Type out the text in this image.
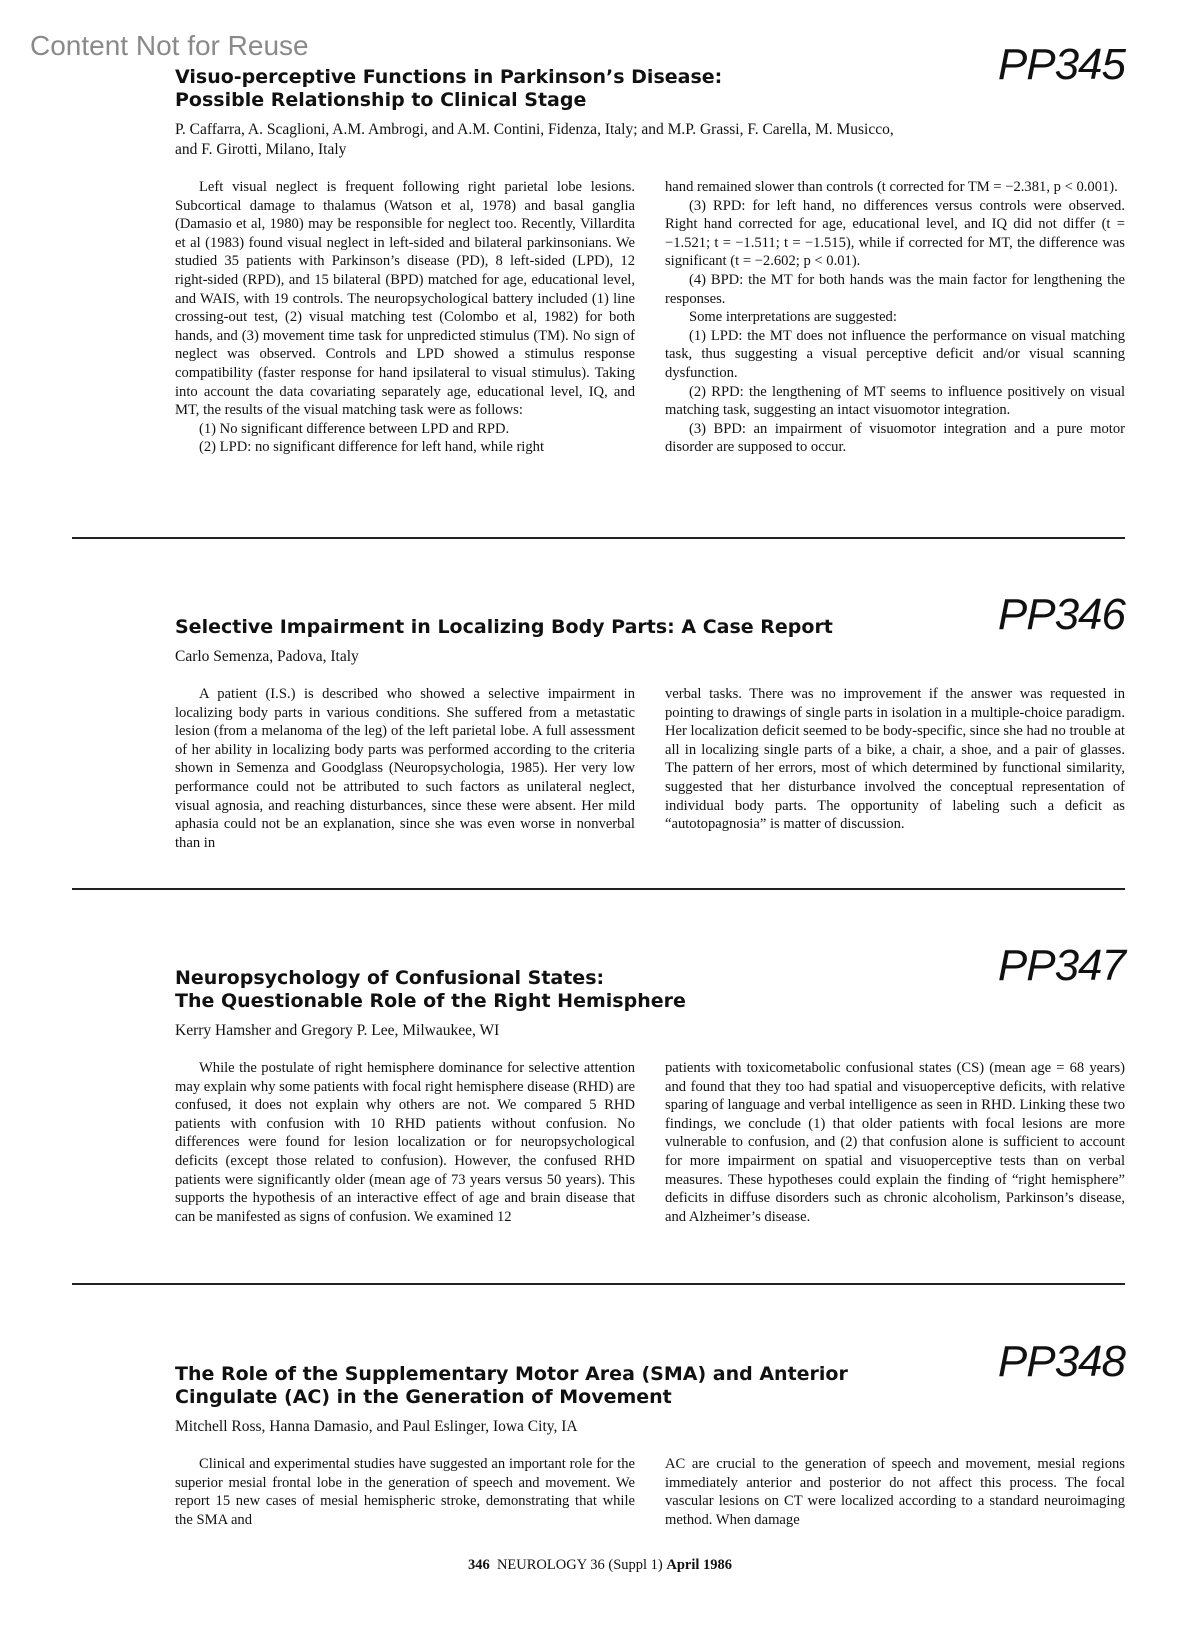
Content Not for Reuse	PP345
Visuo-perceptive Functions in Parkinson’s Disease:
Possible Relationship to Clinical Stage
P. Caffarra, A. Scaglioni, A.M. Ambrogi, and A.M. Contini, Fidenza, Italy; and M.P. Grassi, F. Carella, M. Musicco,
and F. Girotti, Milano, Italy

Left visual neglect is frequent following right parietal lobe lesions. Subcortical damage to thalamus (Watson et al, 1978) and basal ganglia (Damasio et al, 1980) may be responsible for neglect too. Recently, Villardita et al (1983) found visual neglect in left-sided and bilateral parkinsonians. We studied 35 patients with Parkinson’s disease (PD), 8 left-sided (LPD), 12 right-sided (RPD), and 15 bilateral (BPD) matched for age, educational level, and WAIS, with 19 controls. The neuropsychological battery included (1) line crossing-out test, (2) visual matching test (Colombo et al, 1982) for both hands, and (3) movement time task for unpredicted stimulus (TM). No sign of neglect was observed. Controls and LPD showed a stimulus response compatibility (faster response for hand ipsilateral to visual stimulus). Taking into account the data covariating separately age, educational level, IQ, and MT, the results of the visual matching task were as follows:

(1) No significant difference between LPD and RPD.

(2) LPD: no significant difference for left hand, while right

hand remained slower than controls (t corrected for TM = −2.381, p < 0.001).

(3) RPD: for left hand, no differences versus controls were observed. Right hand corrected for age, educational level, and IQ did not differ (t = −1.521; t = −1.511; t = −1.515), while if corrected for MT, the difference was significant (t = −2.602; p < 0.01).

(4) BPD: the MT for both hands was the main factor for lengthening the responses.

Some interpretations are suggested:

(1) LPD: the MT does not influence the performance on visual matching task, thus suggesting a visual perceptive deficit and/or visual scanning dysfunction.

(2) RPD: the lengthening of MT seems to influence positively on visual matching task, suggesting an intact visuomotor integration.

(3) BPD: an impairment of visuomotor integration and a pure motor disorder are supposed to occur.

PP346
Selective Impairment in Localizing Body Parts: A Case Report
Carlo Semenza, Padova, Italy

A patient (I.S.) is described who showed a selective impairment in localizing body parts in various conditions. She suffered from a metastatic lesion (from a melanoma of the leg) of the left parietal lobe. A full assessment of her ability in localizing body parts was performed according to the criteria shown in Semenza and Goodglass (Neuropsychologia, 1985). Her very low performance could not be attributed to such factors as unilateral neglect, visual agnosia, and reaching disturbances, since these were absent. Her mild aphasia could not be an explanation, since she was even worse in nonverbal than in

verbal tasks. There was no improvement if the answer was requested in pointing to drawings of single parts in isolation in a multiple-choice paradigm. Her localization deficit seemed to be body-specific, since she had no trouble at all in localizing single parts of a bike, a chair, a shoe, and a pair of glasses. The pattern of her errors, most of which determined by functional similarity, suggested that her disturbance involved the conceptual representation of individual body parts. The opportunity of labeling such a deficit as “autotopagnosia” is matter of discussion.

PP347
Neuropsychology of Confusional States:
The Questionable Role of the Right Hemisphere
Kerry Hamsher and Gregory P. Lee, Milwaukee, WI

While the postulate of right hemisphere dominance for selective attention may explain why some patients with focal right hemisphere disease (RHD) are confused, it does not explain why others are not. We compared 5 RHD patients with confusion with 10 RHD patients without confusion. No differences were found for lesion localization or for neuropsychological deficits (except those related to confusion). However, the confused RHD patients were significantly older (mean age of 73 years versus 50 years). This supports the hypothesis of an interactive effect of age and brain disease that can be manifested as signs of confusion. We examined 12

patients with toxicometabolic confusional states (CS) (mean age = 68 years) and found that they too had spatial and visuoperceptive deficits, with relative sparing of language and verbal intelligence as seen in RHD. Linking these two findings, we conclude (1) that older patients with focal lesions are more vulnerable to confusion, and (2) that confusion alone is sufficient to account for more impairment on spatial and visuoperceptive tests than on verbal measures. These hypotheses could explain the finding of “right hemisphere” deficits in diffuse disorders such as chronic alcoholism, Parkinson’s disease, and Alzheimer’s disease.

PP348
The Role of the Supplementary Motor Area (SMA) and Anterior
Cingulate (AC) in the Generation of Movement
Mitchell Ross, Hanna Damasio, and Paul Eslinger, Iowa City, IA

Clinical and experimental studies have suggested an important role for the superior mesial frontal lobe in the generation of speech and movement. We report 15 new cases of mesial hemispheric stroke, demonstrating that while the SMA and

AC are crucial to the generation of speech and movement, mesial regions immediately anterior and posterior do not affect this process. The focal vascular lesions on CT were localized according to a standard neuroimaging method. When damage

346 NEUROLOGY 36 (Suppl 1) April 1986
